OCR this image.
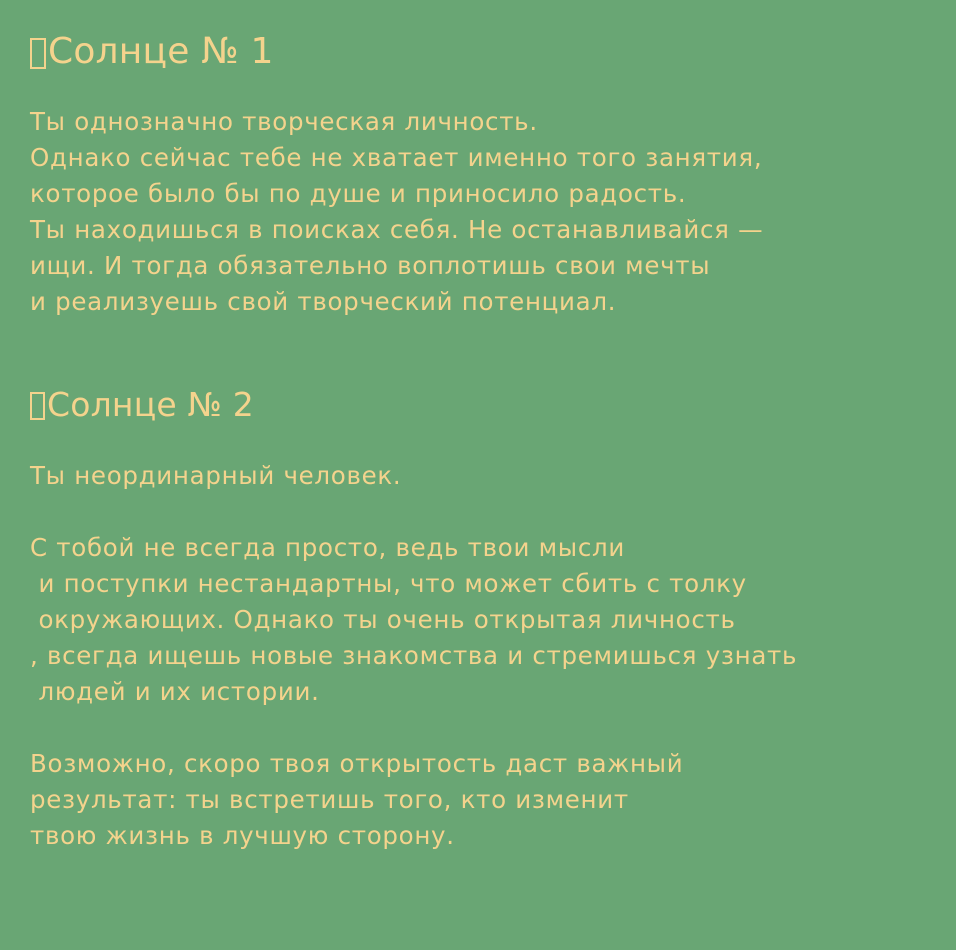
Солнце № 1

Ты однозначно творческая личность.
Однако сейчас тебе не хватает именно того занятия,
которое было бы по душе и приносило радость.
Ты находишься в поисках себя. Не останавливайся —
ищи. И тогда обязательно воплотишь свои мечты
и реализуешь свой творческий потенциал.

Солнце № 2

Ты неординарный человек.

С тобой не всегда просто, ведь твои мысли
и поступки нестандартны, что может сбить с толку
окружающих. Однако ты очень открытая личность
, всегда ищешь новые знакомства и стремишься узнать
людей и их истории.

Возможно, скоро твоя открытость даст важный
результат: ты встретишь того, кто изменит
твою жизнь в лучшую сторону.
